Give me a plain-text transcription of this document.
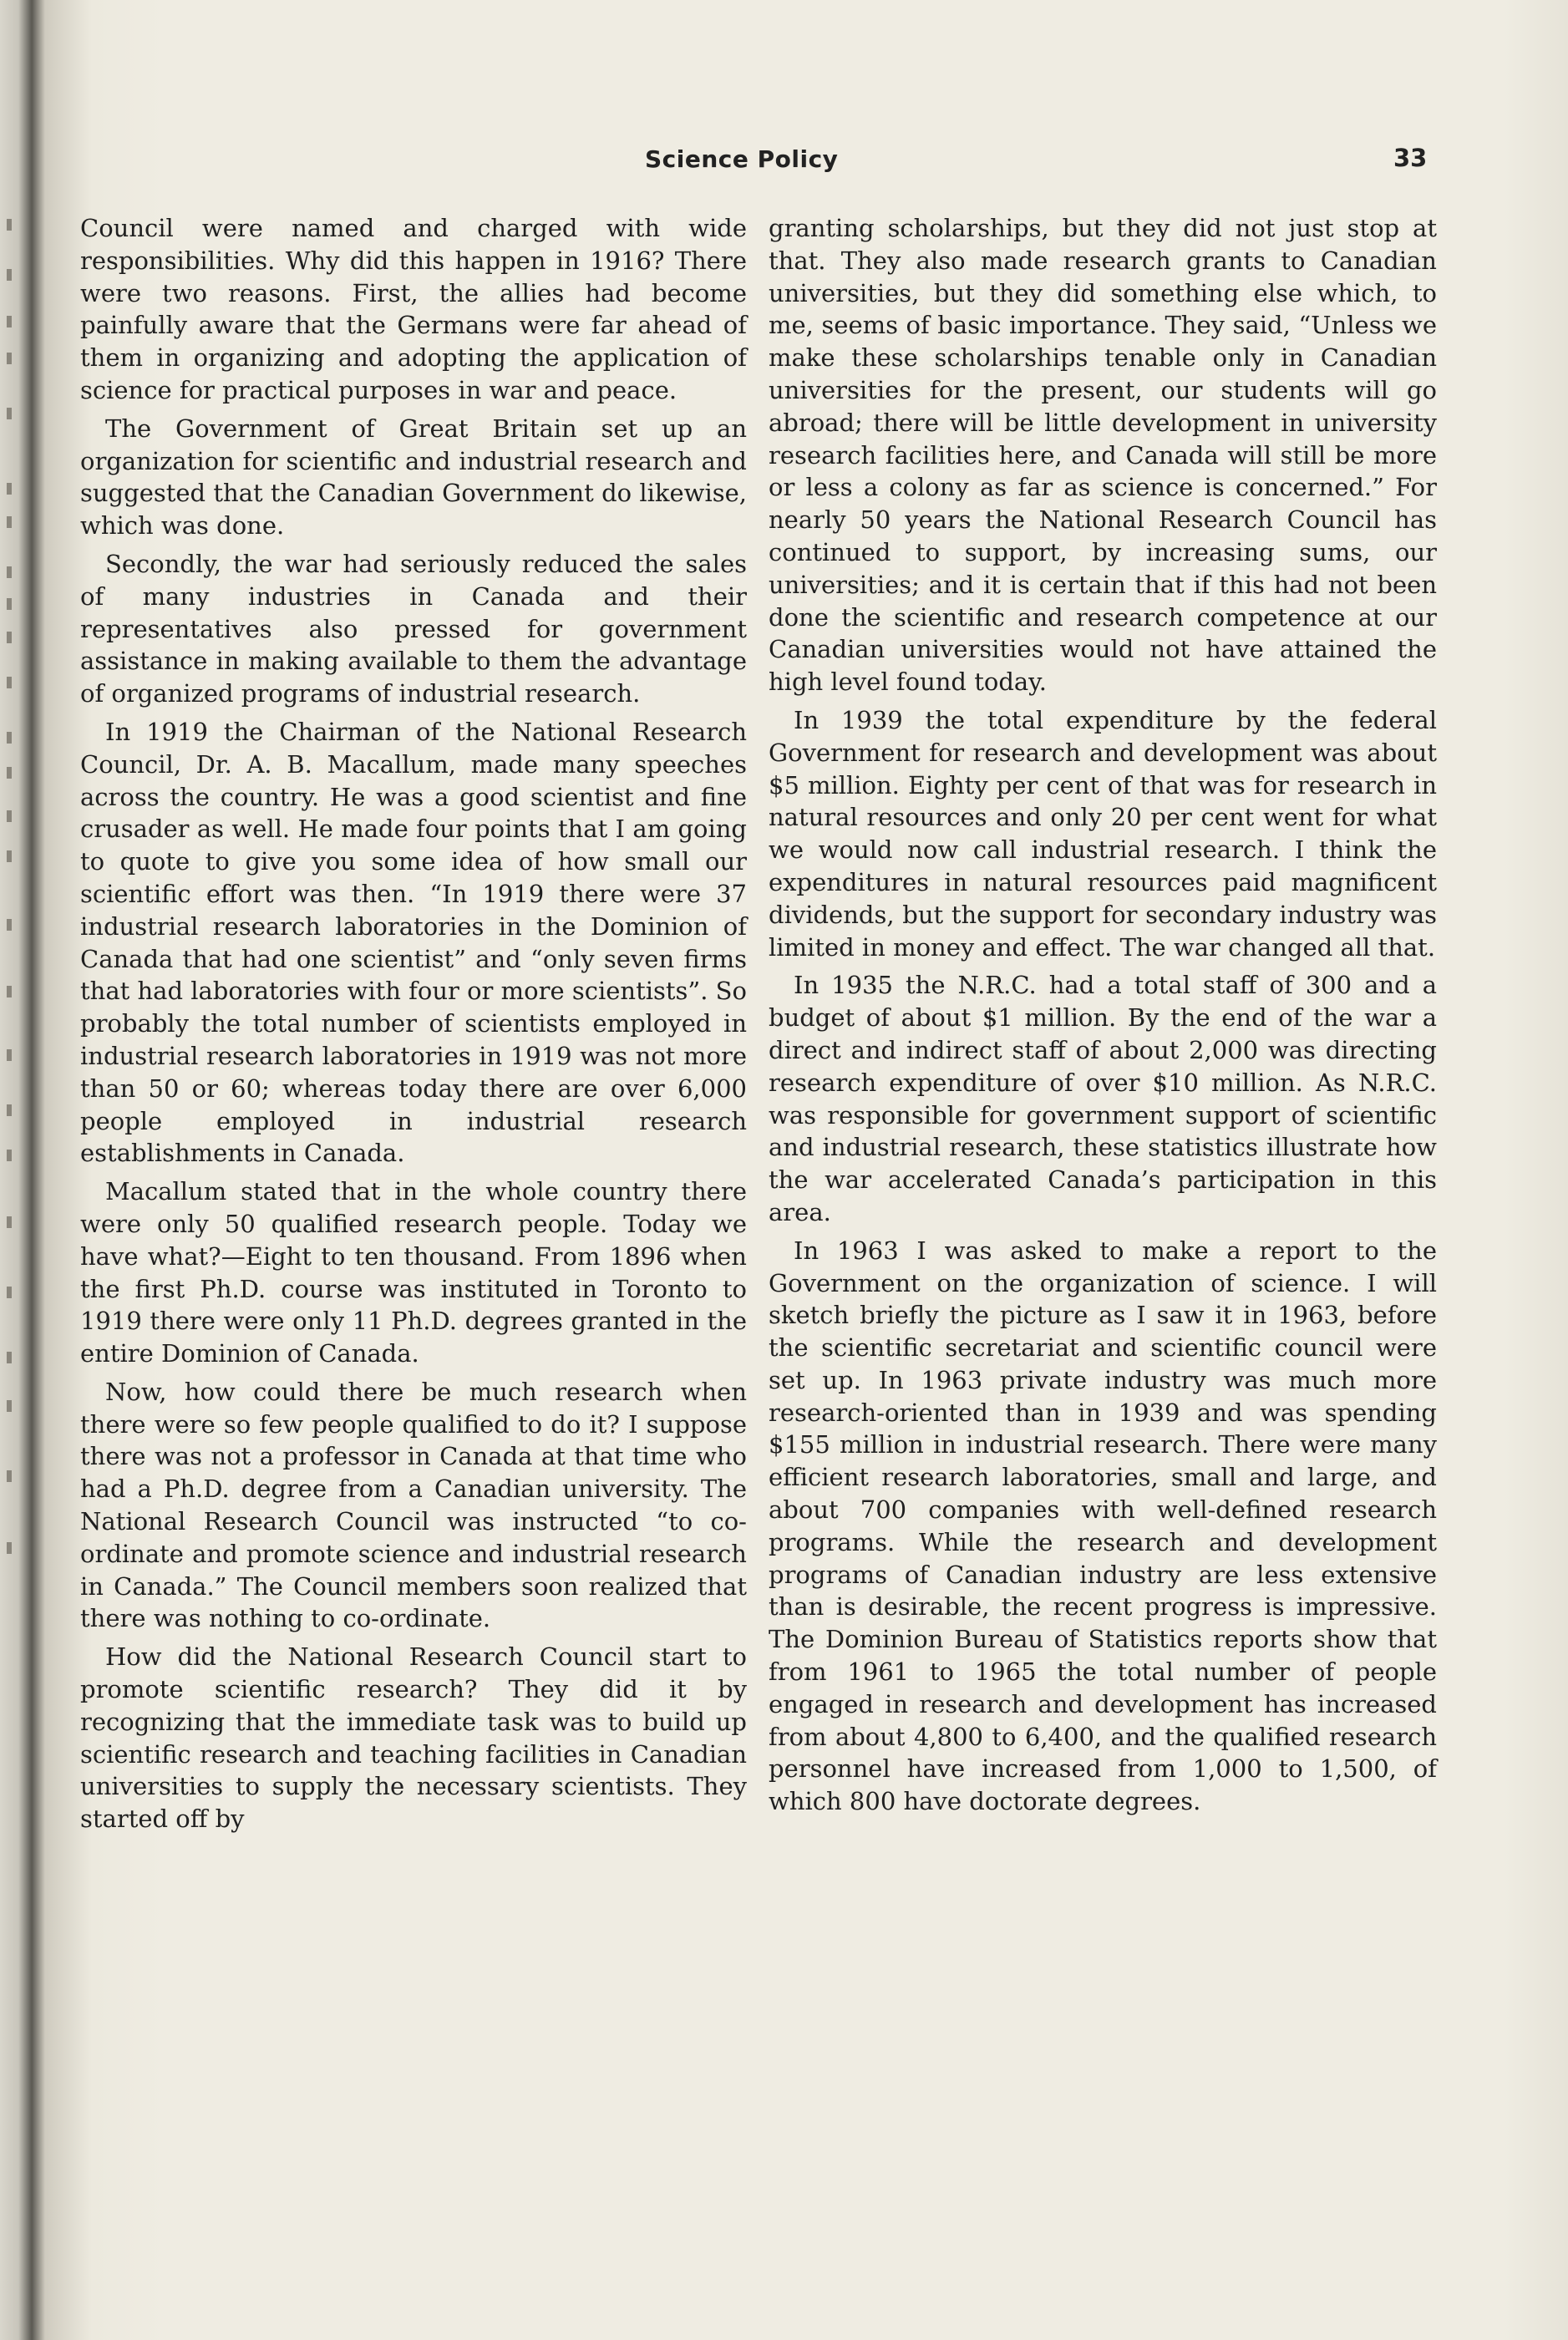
Science Policy	33

Council were named and charged with wide responsibilities. Why did this happen in 1916? There were two reasons. First, the allies had become painfully aware that the Germans were far ahead of them in organizing and adopting the application of science for practical purposes in war and peace.

The Government of Great Britain set up an organization for scientific and industrial research and suggested that the Canadian Government do likewise, which was done.

Secondly, the war had seriously reduced the sales of many industries in Canada and their representatives also pressed for government assistance in making available to them the advantage of organized programs of industrial research.

In 1919 the Chairman of the National Research Council, Dr. A. B. Macallum, made many speeches across the country. He was a good scientist and fine crusader as well. He made four points that I am going to quote to give you some idea of how small our scientific effort was then. “In 1919 there were 37 industrial research laboratories in the Dominion of Canada that had one scientist” and “only seven firms that had laboratories with four or more scientists”. So probably the total number of scientists employed in industrial research laboratories in 1919 was not more than 50 or 60; whereas today there are over 6,000 people employed in industrial research establishments in Canada.

Macallum stated that in the whole country there were only 50 qualified research people. Today we have what?—Eight to ten thousand. From 1896 when the first Ph.D. course was instituted in Toronto to 1919 there were only 11 Ph.D. degrees granted in the entire Dominion of Canada.

Now, how could there be much research when there were so few people qualified to do it? I suppose there was not a professor in Canada at that time who had a Ph.D. degree from a Canadian university. The National Research Council was instructed “to co-ordinate and promote science and industrial research in Canada.” The Council members soon realized that there was nothing to co-ordinate.

How did the National Research Council start to promote scientific research? They did it by recognizing that the immediate task was to build up scientific research and teaching facilities in Canadian universities to supply the necessary scientists. They started off by

granting scholarships, but they did not just stop at that. They also made research grants to Canadian universities, but they did something else which, to me, seems of basic importance. They said, “Unless we make these scholarships tenable only in Canadian universities for the present, our students will go abroad; there will be little development in university research facilities here, and Canada will still be more or less a colony as far as science is concerned.” For nearly 50 years the National Research Council has continued to support, by increasing sums, our universities; and it is certain that if this had not been done the scientific and research competence at our Canadian universities would not have attained the high level found today.

In 1939 the total expenditure by the federal Government for research and development was about $5 million. Eighty per cent of that was for research in natural resources and only 20 per cent went for what we would now call industrial research. I think the expenditures in natural resources paid magnificent dividends, but the support for secondary industry was limited in money and effect. The war changed all that.

In 1935 the N.R.C. had a total staff of 300 and a budget of about $1 million. By the end of the war a direct and indirect staff of about 2,000 was directing research expenditure of over $10 million. As N.R.C. was responsible for government support of scientific and industrial research, these statistics illustrate how the war accelerated Canada’s participation in this area.

In 1963 I was asked to make a report to the Government on the organization of science. I will sketch briefly the picture as I saw it in 1963, before the scientific secretariat and scientific council were set up. In 1963 private industry was much more research-oriented than in 1939 and was spending $155 million in industrial research. There were many efficient research laboratories, small and large, and about 700 companies with well-defined research programs. While the research and development programs of Canadian industry are less extensive than is desirable, the recent progress is impressive. The Dominion Bureau of Statistics reports show that from 1961 to 1965 the total number of people engaged in research and development has increased from about 4,800 to 6,400, and the qualified research personnel have increased from 1,000 to 1,500, of which 800 have doctorate degrees.
